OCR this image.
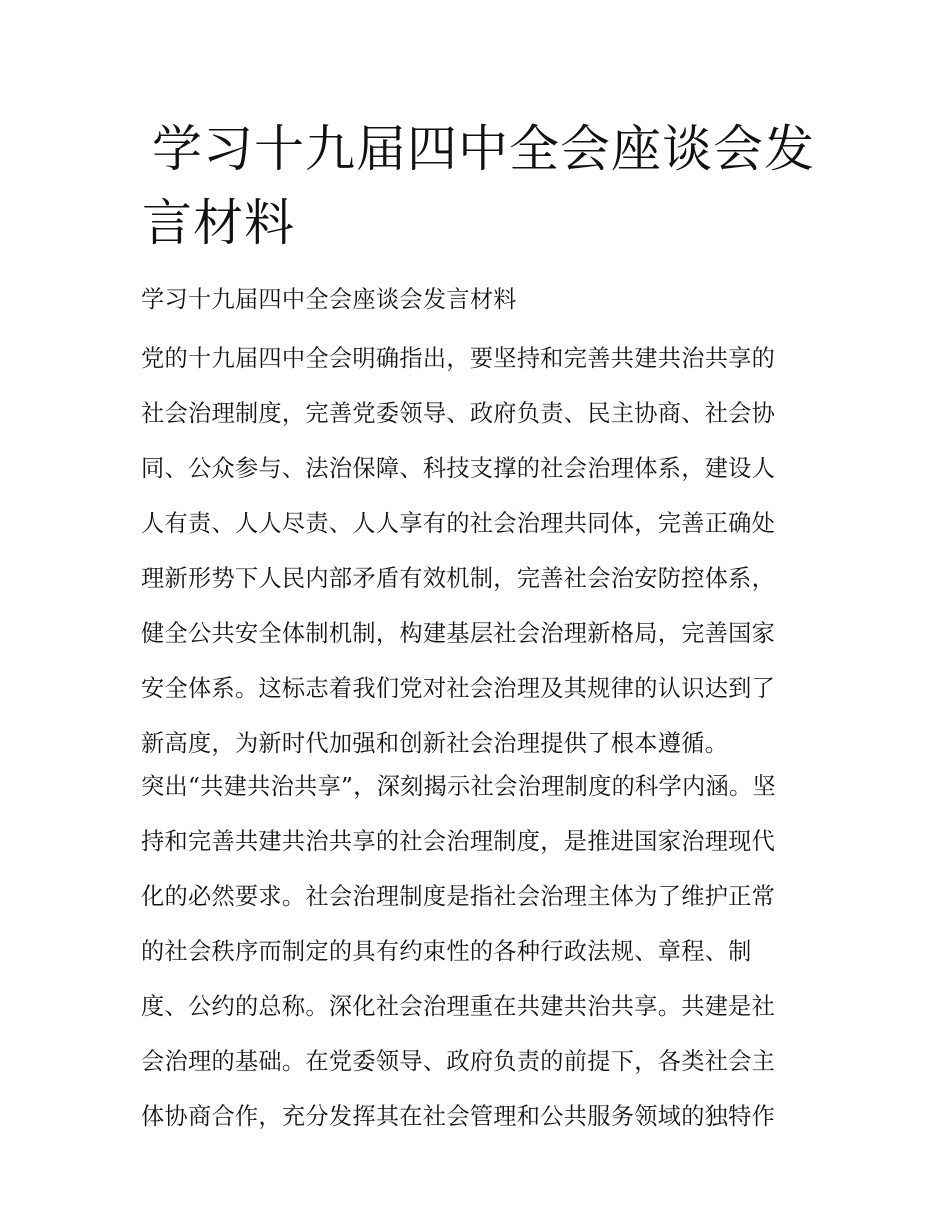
学习十九届四中全会座谈会发
言材料
学习十九届四中全会座谈会发言材料
党的十九届四中全会明确指出，要坚持和完善共建共治共享的
社会治理制度，完善党委领导、政府负责、民主协商、社会协
同、公众参与、法治保障、科技支撑的社会治理体系，建设人
人有责、人人尽责、人人享有的社会治理共同体，完善正确处
理新形势下人民内部矛盾有效机制，完善社会治安防控体系，
健全公共安全体制机制，构建基层社会治理新格局，完善国家
安全体系。这标志着我们党对社会治理及其规律的认识达到了
新高度，为新时代加强和创新社会治理提供了根本遵循。
突出“共建共治共享”，深刻揭示社会治理制度的科学内涵。坚
持和完善共建共治共享的社会治理制度，是推进国家治理现代
化的必然要求。社会治理制度是指社会治理主体为了维护正常
的社会秩序而制定的具有约束性的各种行政法规、章程、制
度、公约的总称。深化社会治理重在共建共治共享。共建是社
会治理的基础。在党委领导、政府负责的前提下，各类社会主
体协商合作，充分发挥其在社会管理和公共服务领域的独特作
